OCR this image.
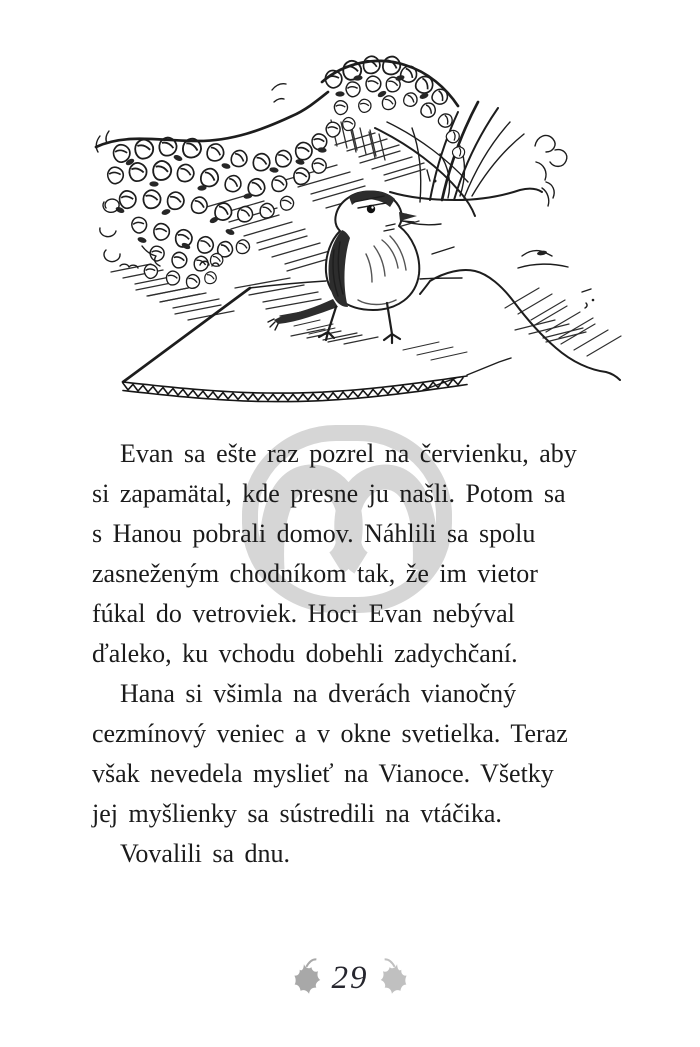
Evan sa ešte raz pozrel na červienku, aby
si zapamätal, kde presne ju našli. Potom sa
s Hanou pobrali domov. Náhlili sa spolu
zasneženým chodníkom tak, že im vietor
fúkal do vetroviek. Hoci Evan nebýval
ďaleko, ku vchodu dobehli zadychčaní.
Hana si všimla na dverách vianočný
cezmínový veniec a v okne svetielka. Teraz
však nevedela myslieť na Vianoce. Všetky
jej myšlienky sa sústredili na vtáčika.
Vovalili sa dnu.
29
